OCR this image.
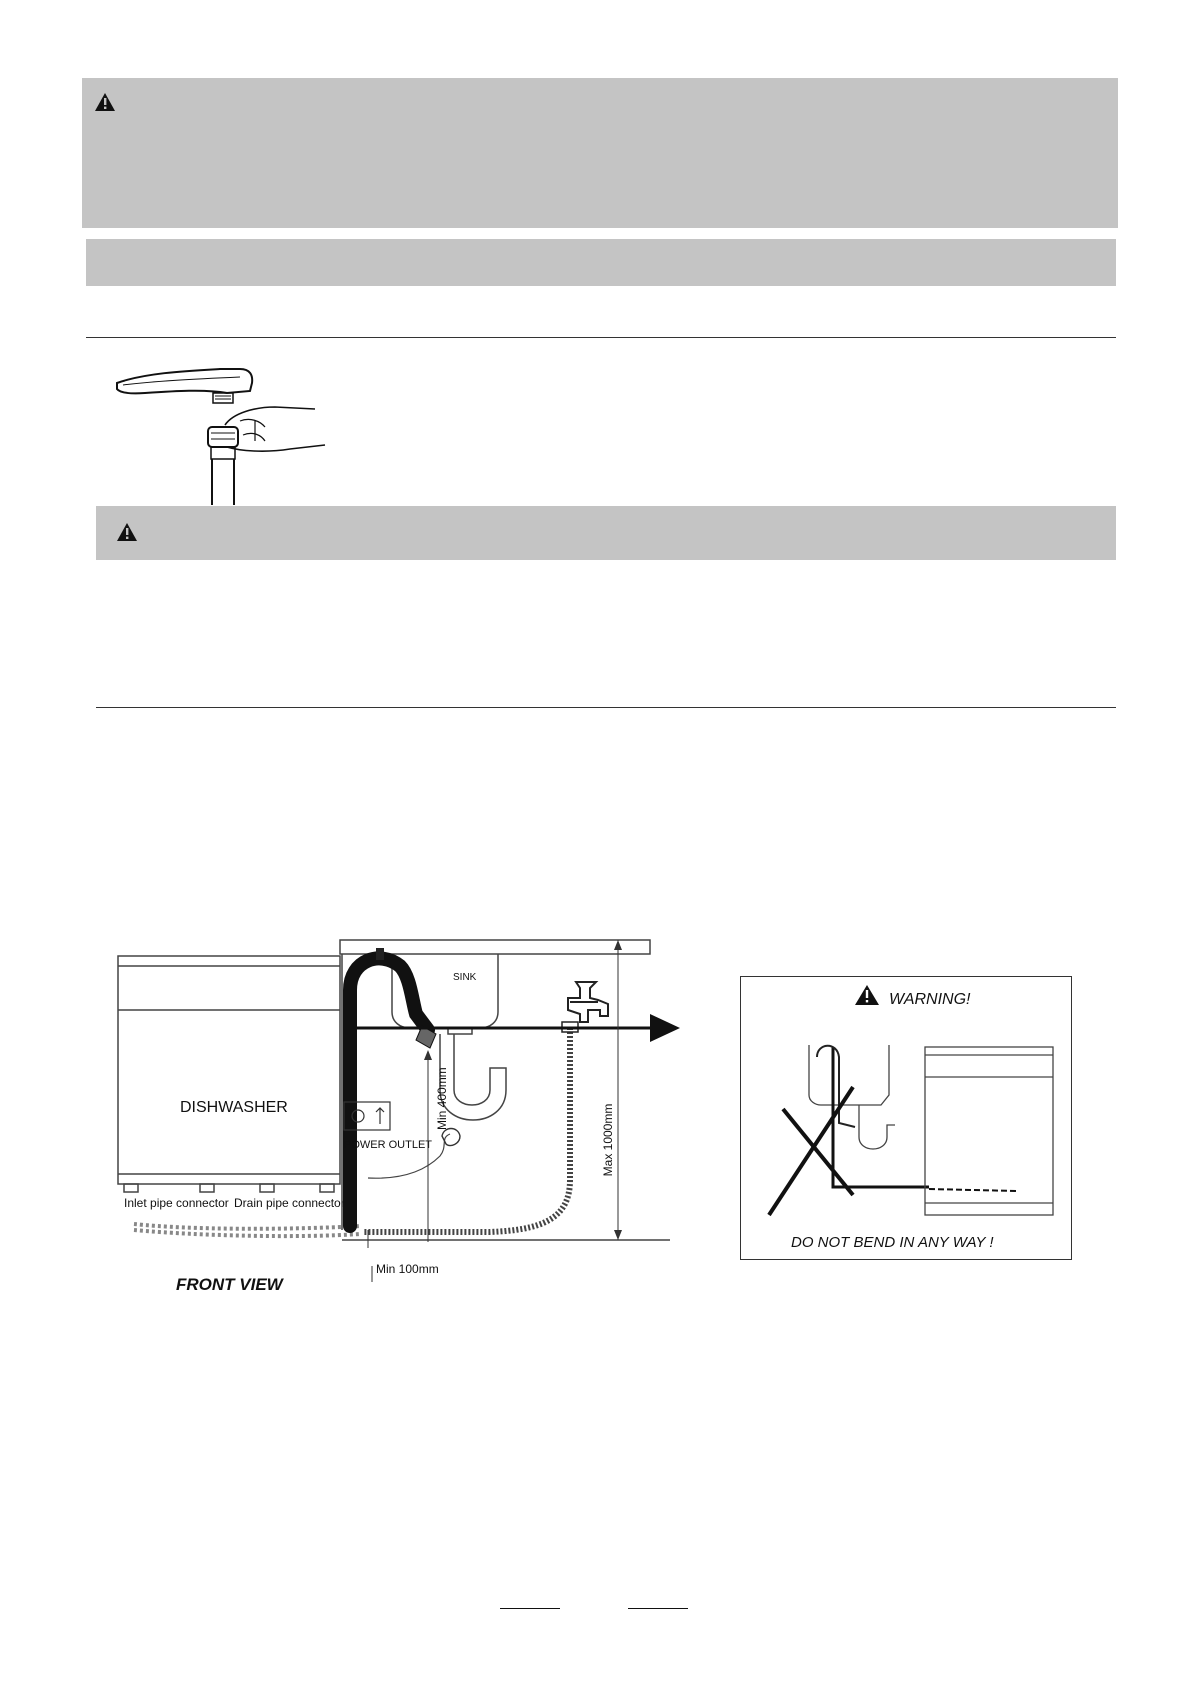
DISHWASHER
Inlet pipe connector Drain pipe connector
FRONT VIEW
SINK
POWER OUTLET
Min 400mm
Min 100mm
Max 1000mm
WARNING!
DO NOT BEND IN ANY WAY !
